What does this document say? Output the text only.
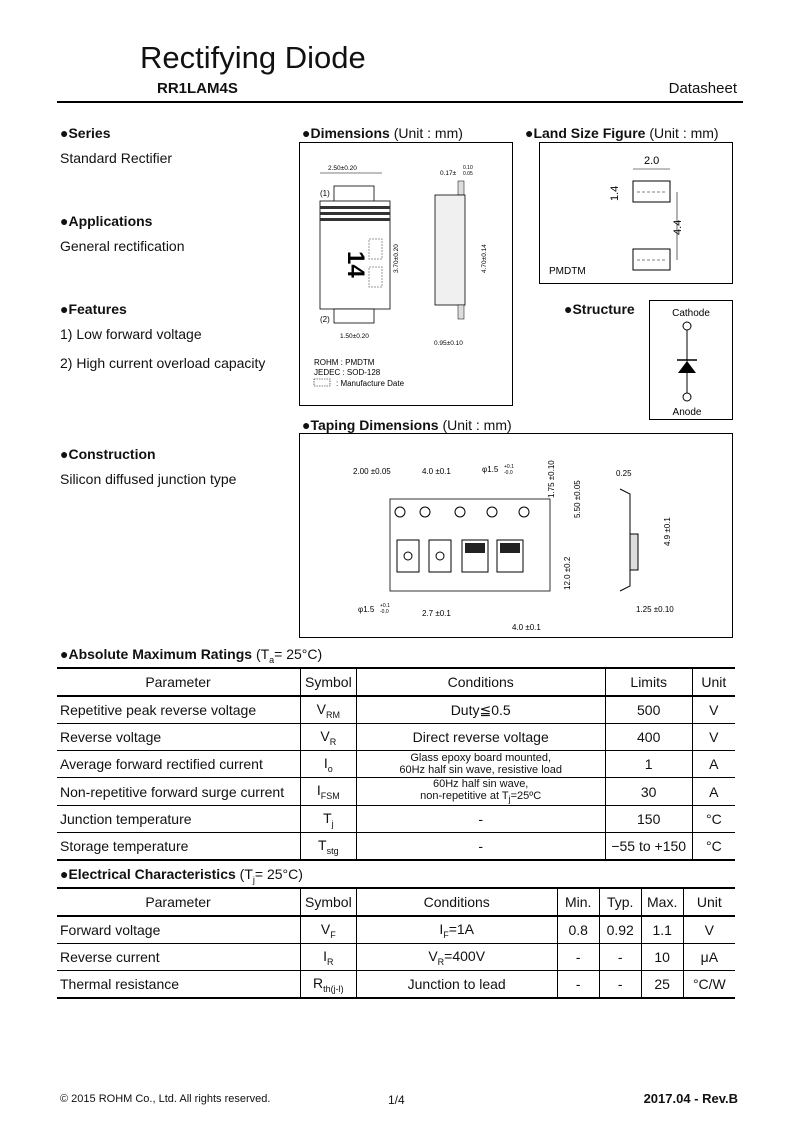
Rectifying Diode
RR1LAM4S	Datasheet
●Series
Standard Rectifier
●Applications
General rectification
●Features
1) Low forward voltage
2) High current overload capacity
●Construction
Silicon diffused junction type
●Dimensions (Unit : mm)
2.50±0.20
(1)
14
(2)
1.50±0.20
3.70±0.20
0.17±
0.10
0.05
4.70±0.14
0.95±0.10
ROHM : PMDTM
JEDEC : SOD-128
: Manufacture Date
●Land Size Figure (Unit : mm)
2.0
1.4
4.4
PMDTM
●Structure	Cathode
Anode
●Taping Dimensions (Unit : mm)
2.00 ±0.05	4.0 ±0.1	φ1.5 +0.1
-0.0	1.75 ±0.10
5.50 ±0.05
12.0 ±0.2
0.25
φ1.5 +0.1
-0.0	2.7 ±0.1
4.0 ±0.1
4.9 ±0.1
1.25 ±0.10
●Absolute Maximum Ratings $(T_a= 25^\circ C)$
Parameter	Symbol	Conditions	Limits	Unit
Repetitive peak reverse voltage	$V_{RM}$	Duty≦0.5	500	V
Reverse voltage	$V_R$	Direct reverse voltage	400	V
Average forward rectified current	$I_o$	Glass epoxy board mounted,
60Hz half sin wave, resistive load	1	A
Non-repetitive forward surge current	$I_{FSM}$	60Hz half sin wave,
non-repetitive at $T_j=25ºC$	30	A
Junction temperature	$T_j$	-	150	°C
Storage temperature	$T_{stg}$	-	−55 to +150	°C
●Electrical Characteristics $(T_j= 25^\circ C)$
Parameter	Symbol	Conditions	Min.	Typ.	Max.	Unit
Forward voltage	$V_F$	$I_F=1A$	0.8	0.92	1.1	V
Reverse current	$I_R$	$V_R=400V$	-	-	10	μA
Thermal resistance	$R_{th(j-l)}$	Junction to lead	-	-	25	°C/W
© 2015 ROHM Co., Ltd. All rights reserved.	1/4	2017.04 - Rev.B
